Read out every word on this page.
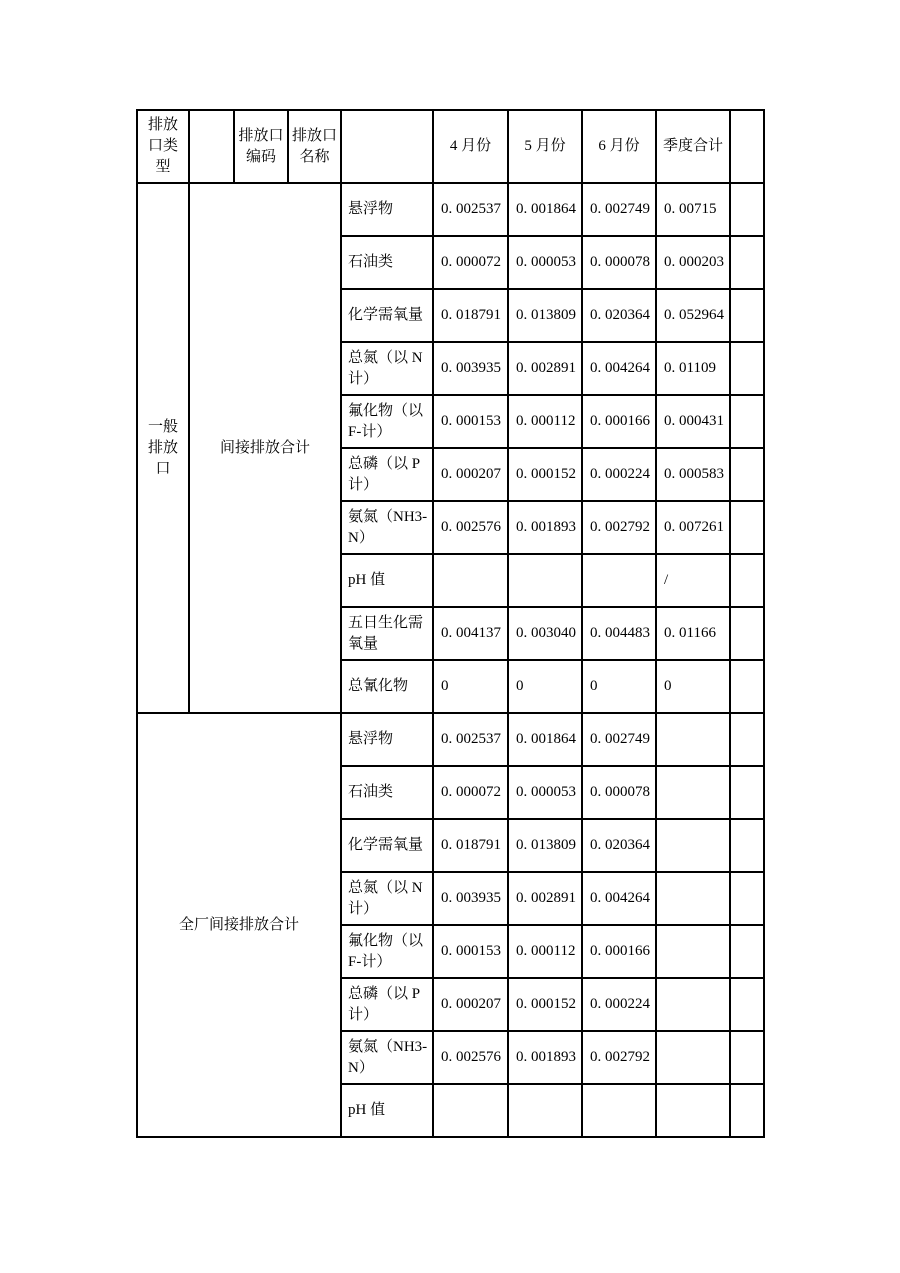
排放口类型		排放口编码	排放口名称		4 月份	5 月份	6 月份	季度合计	
一般排放口	间接排放合计			悬浮物	0. 002537	0. 001864	0. 002749	0. 00715	
				石油类	0. 000072	0. 000053	0. 000078	0. 000203	
				化学需氧量	0. 018791	0. 013809	0. 020364	0. 052964	
				总氮（以 N 计）	0. 003935	0. 002891	0. 004264	0. 01109	
				氟化物（以 F-计）	0. 000153	0. 000112	0. 000166	0. 000431	
				总磷（以 P 计）	0. 000207	0. 000152	0. 000224	0. 000583	
				氨氮（NH3-N）	0. 002576	0. 001893	0. 002792	0. 007261	
				pH 值				/	
				五日生化需氧量	0. 004137	0. 003040	0. 004483	0. 01166	
				总氰化物	0	0	0	0	
全厂间接排放合计				悬浮物	0. 002537	0. 001864	0. 002749		
				石油类	0. 000072	0. 000053	0. 000078		
				化学需氧量	0. 018791	0. 013809	0. 020364		
				总氮（以 N 计）	0. 003935	0. 002891	0. 004264		
				氟化物（以 F-计）	0. 000153	0. 000112	0. 000166		
				总磷（以 P 计）	0. 000207	0. 000152	0. 000224		
				氨氮（NH3-N）	0. 002576	0. 001893	0. 002792		
				pH 值					
